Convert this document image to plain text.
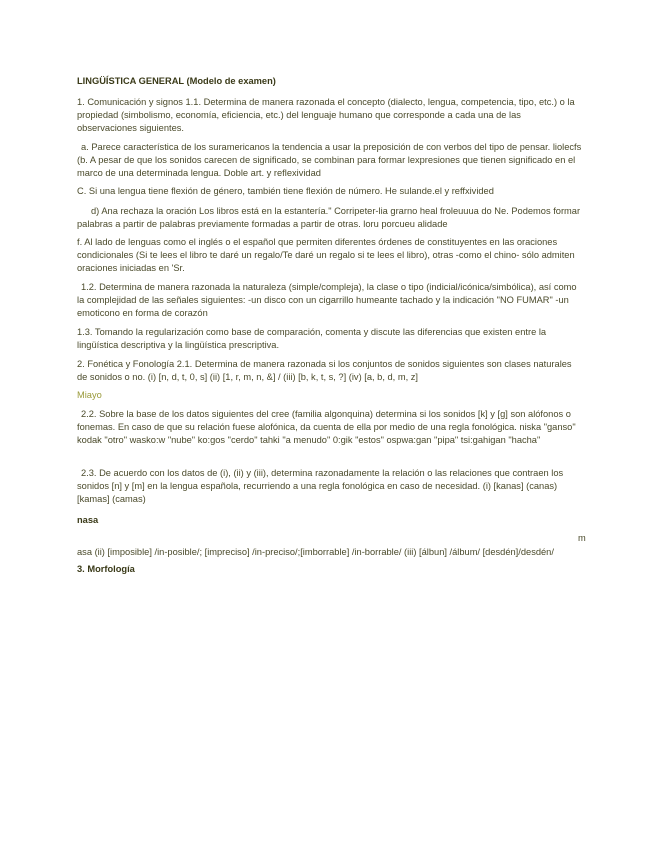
LINGÜÍSTICA GENERAL (Modelo de examen)

1. Comunicación y signos 1.1. Determina de manera razonada el concepto (dialecto, lengua, competencia, tipo, etc.) o la propiedad (simbolismo, economía, eficiencia, etc.) del lenguaje humano que corresponde a cada una de las observaciones siguientes.

a. Parece característica de los suramericanos la tendencia a usar la preposición de con verbos del tipo de pensar. liolecfs (b. A pesar de que los sonidos carecen de significado, se combinan para formar lexpresiones que tienen significado en el marco de una determinada lengua. Doble art. y reflexividad

C. Si una lengua tiene flexión de género, también tiene flexión de número. He sulande.el y reffxivided

d) Ana rechaza la oración Los libros está en la estantería." Corripeter-lia grarno heal froleuuua do Ne. Podemos formar palabras a partir de palabras previamente formadas a partir de otras. loru porcueu alidade

f. Al lado de lenguas como el inglés o el español que permiten diferentes órdenes de constituyentes en las oraciones condicionales (Si te lees el libro te daré un regalo/Te daré un regalo si te lees el libro), otras -como el chino- sólo admiten oraciones iniciadas en 'Sr.

1.2. Determina de manera razonada la naturaleza (simple/compleja), la clase o tipo (indicial/icónica/simbólica), así como la complejidad de las señales siguientes: -un disco con un cigarrillo humeante tachado y la indicación "NO FUMAR" -un emoticono en forma de corazón

1.3. Tomando la regularización como base de comparación, comenta y discute las diferencias que existen entre la lingüística descriptiva y la lingüística prescriptiva.

2. Fonética y Fonología 2.1. Determina de manera razonada si los conjuntos de sonidos siguientes son clases naturales de sonidos o no. (i) [n, d, t, 0, s] (ii) [1, r, m, n, &] / (iii) [b, k, t, s, ?] (iv) [a, b, d, m, z]

Miayo

2.2. Sobre la base de los datos siguientes del cree (familia algonquina) determina si los sonidos [k] y [g] son alófonos o fonemas. En caso de que su relación fuese alofónica, da cuenta de ella por medio de una regla fonológica. niska "ganso" kodak "otro" wasko:w "nube" ko:gos "cerdo" tahki "a menudo" 0:gik "estos" ospwa:gan "pipa" tsi:gahigan "hacha"

2.3. De acuerdo con los datos de (i), (ii) y (iii), determina razonadamente la relación o las relaciones que contraen los sonidos [n] y [m] en la lengua española, recurriendo a una regla fonológica en caso de necesidad. (i) [kanas] (canas) [kamas] (camas)

nasa

m

asa (ii) [imposible] /in-posible/; [impreciso] /in-preciso/;[imborrable] /in-borrable/ (iii) [álbun] /álbum/ [desdén]/desdén/

3. Morfología
